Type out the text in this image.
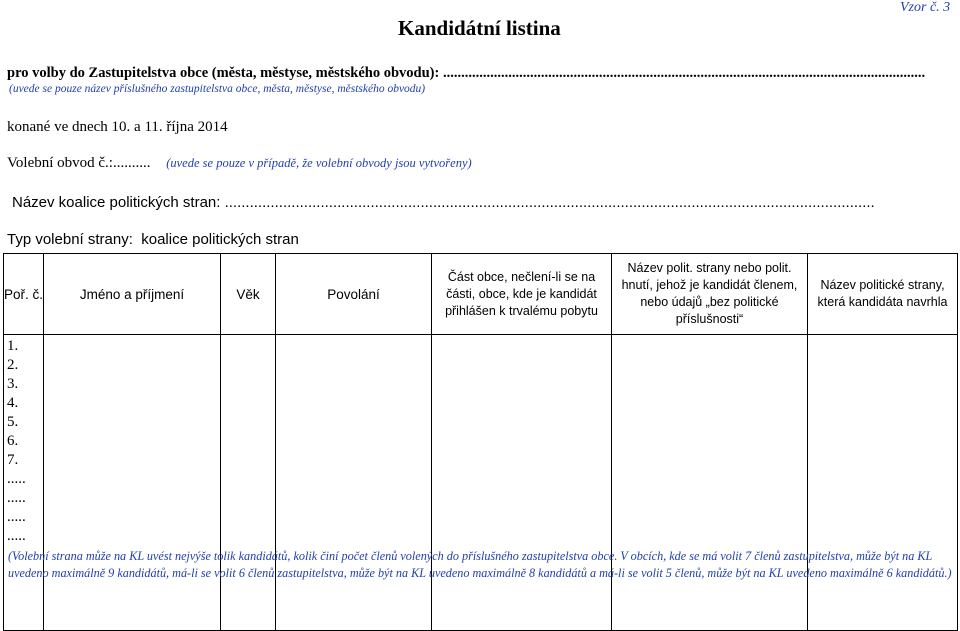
Kandidátní listina
Vzor č. 3
pro volby do Zastupitelstva obce (města, městyse, městského obvodu): .....................................................................................................................................
(uvede se pouze název příslušného zastupitelstva obce, města, městyse, městského obvodu)
konané ve dnech 10. a 11. října 2014
Volební obvod č.:.......... (uvede se pouze v případě, že volební obvody jsou vytvořeny)
Název koalice politických stran: ............................................................................................................................................................
Typ volební strany: koalice politických stran
Poř. č.	Jméno a příjmení	Věk	Povolání	Část obce, nečlení-li se na části, obce, kde je kandidát přihlášen k trvalému pobytu	Název polit. strany nebo polit. hnutí, jehož je kandidát členem, nebo údajů „bez politické příslušnosti“	Název politické strany, která kandidáta navrhla

1.
2.
3.
4.
5.
6.
7.
.....
.....
.....
.....
(Volební strana může na KL uvést nejvýše tolik kandidátů, kolik činí počet členů volených do příslušného zastupitelstva obce. V obcích, kde se má volit 7 členů zastupitelstva, může být na KL uvedeno maximálně 9 kandidátů, má-li se volit 6 členů zastupitelstva, může být na KL uvedeno maximálně 8 kandidátů a má-li se volit 5 členů, může být na KL uvedeno maximálně 6 kandidátů.)
